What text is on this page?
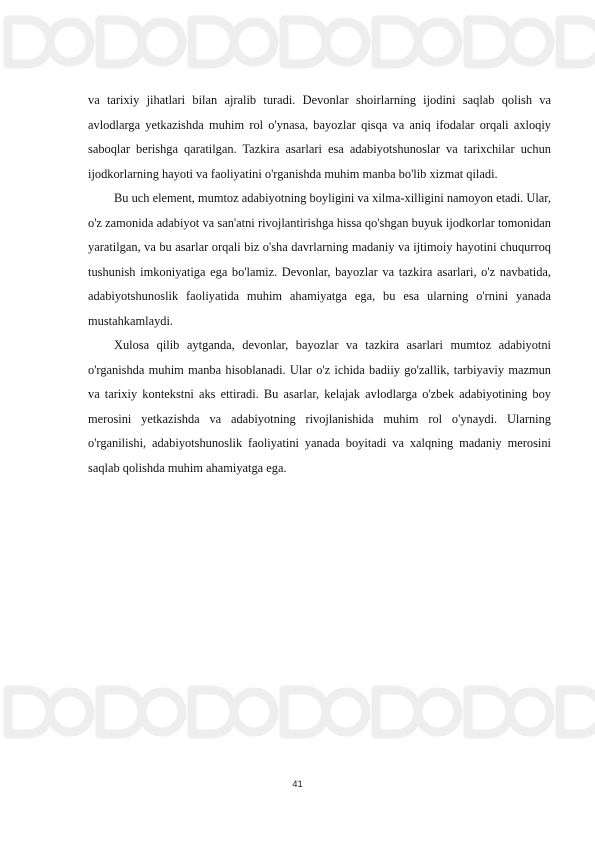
va tarixiy jihatlari bilan ajralib turadi. Devonlar shoirlarning ijodini saqlab qolish va avlodlarga yetkazishda muhim rol o'ynasa, bayozlar qisqa va aniq ifodalar orqali axloqiy saboqlar berishga qaratilgan. Tazkira asarlari esa adabiyotshunoslar va tarixchilar uchun ijodkorlarning hayoti va faoliyatini o'rganishda muhim manba bo'lib xizmat qiladi.

Bu uch element, mumtoz adabiyotning boyligini va xilma-xilligini namoyon etadi. Ular, o'z zamonida adabiyot va san'atni rivojlantirishga hissa qo'shgan buyuk ijodkorlar tomonidan yaratilgan, va bu asarlar orqali biz o'sha davrlarning madaniy va ijtimoiy hayotini chuqurroq tushunish imkoniyatiga ega bo'lamiz. Devonlar, bayozlar va tazkira asarlari, o'z navbatida, adabiyotshunoslik faoliyatida muhim ahamiyatga ega, bu esa ularning o'rnini yanada mustahkamlaydi.

Xulosa qilib aytganda, devonlar, bayozlar va tazkira asarlari mumtoz adabiyotni o'rganishda muhim manba hisoblanadi. Ular o'z ichida badiiy go'zallik, tarbiyaviy mazmun va tarixiy kontekstni aks ettiradi. Bu asarlar, kelajak avlodlarga o'zbek adabiyotining boy merosini yetkazishda va adabiyotning rivojlanishida muhim rol o'ynaydi. Ularning o'rganilishi, adabiyotshunoslik faoliyatini yanada boyitadi va xalqning madaniy merosini saqlab qolishda muhim ahamiyatga ega.

41
